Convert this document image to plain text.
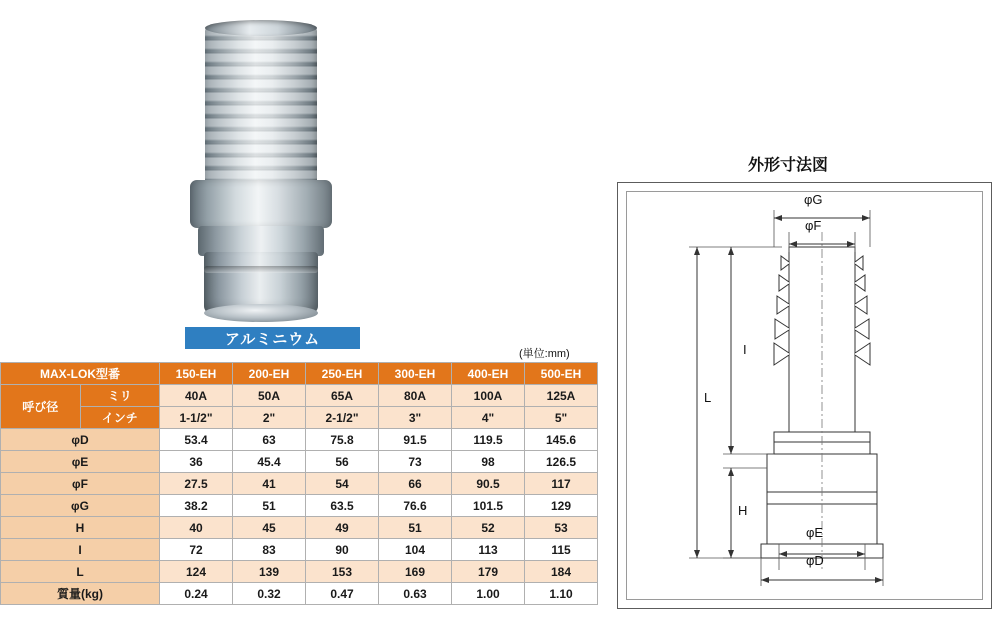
アルミニウム
(単位:mm)
MAX-LOK型番		150-EH	200-EH	250-EH	300-EH	400-EH	500-EH
呼び径	ミリ	40A	50A	65A	80A	100A	125A
	インチ	1-1/2"	2"	2-1/2"	3"	4"	5"
φD		53.4	63	75.8	91.5	119.5	145.6
φE		36	45.4	56	73	98	126.5
φF		27.5	41	54	66	90.5	117
φG		38.2	51	63.5	76.6	101.5	129
H		40	45	49	51	52	53
I		72	83	90	104	113	115
L		124	139	153	169	179	184
質量(kg)		0.24	0.32	0.47	0.63	1.00	1.10
外形寸法図
φG
φF
I
L
H
φE
φD
